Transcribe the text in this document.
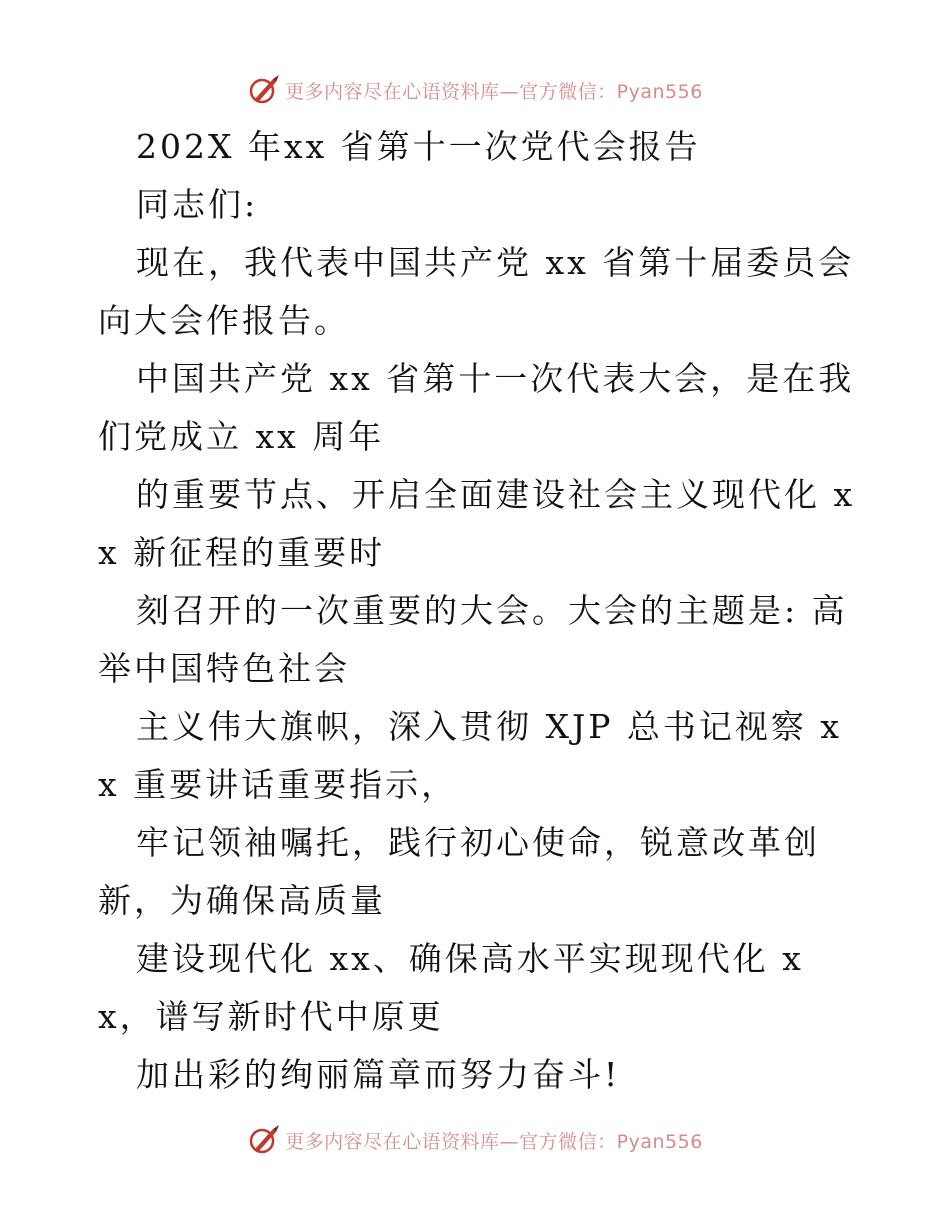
更多内容尽在心语资料库—官方微信：Pyan556

202X 年xx 省第十一次党代会报告

同志们:

现在，我代表中国共产党 xx 省第十届委员会向大会作报告。

中国共产党 xx 省第十一次代表大会，是在我们党成立 xx 周年

的重要节点、开启全面建设社会主义现代化 xx 新征程的重要时

刻召开的一次重要的大会。大会的主题是: 高举中国特色社会

主义伟大旗帜，深入贯彻 XJP 总书记视察 xx 重要讲话重要指示，

牢记领袖嘱托，践行初心使命，锐意改革创新，为确保高质量

建设现代化 xx、确保高水平实现现代化 xx，谱写新时代中原更

加出彩的绚丽篇章而努力奋斗!

更多内容尽在心语资料库—官方微信：Pyan556
